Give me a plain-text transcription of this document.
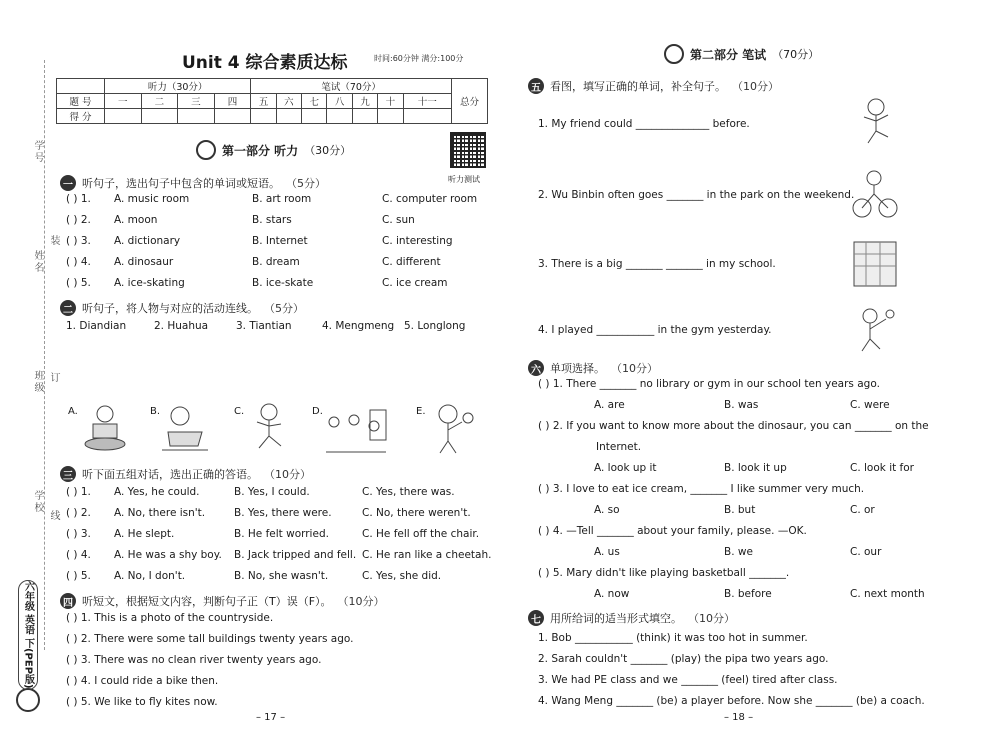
学号
姓名
班级
学校
装
订
线
六年级 英语 下(PEP版)
Unit 4 综合素质达标	时间:60分钟 满分:100分
	听力（30分）				笔试（70分）							总分
题 号	一	二	三	四	五	六	七	八	九	十	十一	
得 分												
第一部分 听力 （30分）
听力测试
一 听句子，选出句子中包含的单词或短语。 （5分）
( ) 1. A. music room	B. art room	C. computer room
( ) 2. A. moon	B. stars	C. sun
( ) 3. A. dictionary	B. Internet	C. interesting
( ) 4. A. dinosaur	B. dream	C. different
( ) 5. A. ice-skating	B. ice-skate	C. ice cream
二 听句子，将人物与对应的活动连线。 （5分）
1. Diandian	2. Huahua	3. Tiantian	4. Mengmeng 5. Longlong
A.	B.	C.	D.	E.
三 听下面五组对话，选出正确的答语。 （10分）
( ) 1. A. Yes, he could.	B. Yes, I could.	C. Yes, there was.
( ) 2. A. No, there isn't.	B. Yes, there were.	C. No, there weren't.
( ) 3. A. He slept.	B. He felt worried.	C. He fell off the chair.
( ) 4. A. He was a shy boy. B. Jack tripped and fell. C. He ran like a cheetah.
( ) 5. A. No, I don't.	B. No, she wasn't.	C. Yes, she did.
四 听短文，根据短文内容，判断句子正（T）误（F）。 （10分）
( ) 1. This is a photo of the countryside.
( ) 2. There were some tall buildings twenty years ago.
( ) 3. There was no clean river twenty years ago.
( ) 4. I could ride a bike then.
( ) 5. We like to fly kites now.
– 17 –
第二部分 笔试 （70分）
五 看图，填写正确的单词，补全句子。 （10分）
1. My friend could ______________ before.
2. Wu Binbin often goes _______ in the park on the weekend.
3. There is a big _______ _______ in my school.
4. I played ___________ in the gym yesterday.
六 单项选择。 （10分）
( ) 1. There _______ no library or gym in our school ten years ago.
A. are	B. was	C. were
( ) 2. If you want to know more about the dinosaur, you can _______ on the
Internet.
A. look up it	B. look it up	C. look it for
( ) 3. I love to eat ice cream, _______ I like summer very much.
A. so	B. but	C. or
( ) 4. —Tell _______ about your family, please. —OK.
A. us	B. we	C. our
( ) 5. Mary didn't like playing basketball _______.
A. now	B. before	C. next month
七 用所给词的适当形式填空。 （10分）
1. Bob ___________ (think) it was too hot in summer.
2. Sarah couldn't _______ (play) the pipa two years ago.
3. We had PE class and we _______ (feel) tired after class.
4. Wang Meng _______ (be) a player before. Now she _______ (be) a coach.
– 18 –
